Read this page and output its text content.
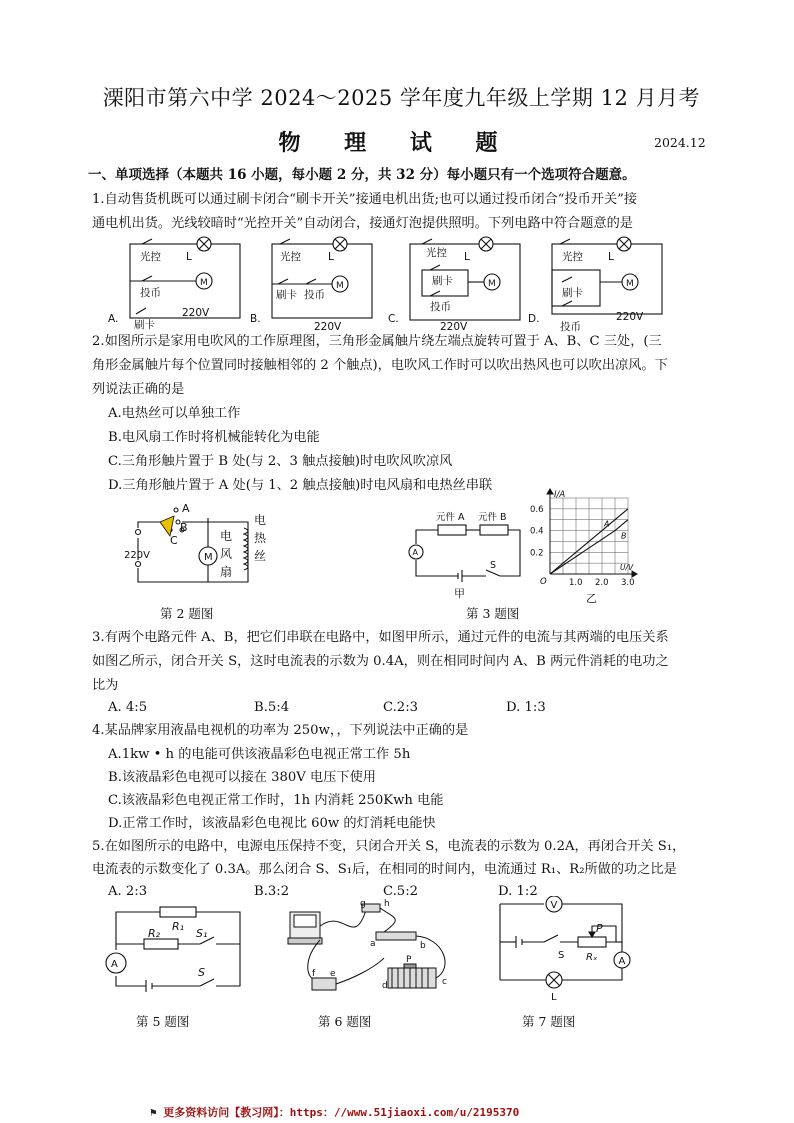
溧阳市第六中学 2024～2025 学年度九年级上学期 12 月月考
物 理 试 题	2024.12
一、单项选择（本题共 16 小题，每小题 2 分，共 32 分）每小题只有一个选项符合题意。
1.自动售货机既可以通过刷卡闭合“刷卡开关”接通电机出货;也可以通过投币闭合“投币开关”接
通电机出货。光线较暗时“光控开关”自动闭合，接通灯泡提供照明。下列电路中符合题意的是
A.
光控
投币
刷卡
L
M
220V	B.
光控
刷卡 投币
L
M
220V
C.
光控
刷卡
投币
L
M
220V
D.
光控
刷卡
投币
L
M
220V
2.如图所示是家用电吹风的工作原理图，三角形金属触片绕左端点旋转可置于 A、B、C 三处，(三
角形金属触片每个位置同时接触相邻的 2 个触点)，电吹风工作时可以吹出热风也可以吹出凉风。下
列说法正确的是
A.电热丝可以单独工作
B.电风扇工作时将机械能转化为电能
C.三角形触片置于 B 处(与 2、3 触点接触)时电吹风吹凉风
D.三角形触片置于 A 处(与 1、2 触点接触)时电风扇和电热丝串联
A
B
C
220V	M
电
风
扇
电
热
丝
第 2 题图
元件 A 元件 B
A
S
甲
A
B
1.0 2.0 3.0
0.2
0.4
0.6
O
I/A
U/V
乙
第 3 题图
3.有两个电路元件 A、B，把它们串联在电路中，如图甲所示，通过元件的电流与其两端的电压关系
如图乙所示，闭合开关 S，这时电流表的示数为 0.4A，则在相同时间内 A、B 两元件消耗的电功之
比为
A. 4:5	B.5:4	C.2:3	D. 1:3
4.某品牌家用液晶电视机的功率为 250w，，下列说法中正确的是
A.1kw • h 的电能可供该液晶彩色电视正常工作 5h
B.该液晶彩色电视可以接在 380V 电压下使用
C.该液晶彩色电视正常工作时，1h 内消耗 250Kwh 电能
D.正常工作时，该液晶彩色电视比 60w 的灯消耗电能快
5.在如图所示的电路中，电源电压保持不变，只闭合开关 S，电流表的示数为 0.2A，再闭合开关 S₁，
电流表的示数变化了 0.3A。那么闭合 S、S₁后，在相同的时间内，电流通过 R₁、R₂所做的功之比是
A. 2:3	B.3:2	C.5:2	D. 1:2
R₁
R₂	S₁
S
A
第 5 题图
g h
a	b
f e
d
P
c
第 6 题图
V
A
P
S Rₓ
L
第 7 题图
⚑ 更多资料访问【教习网】：https：//www.51jiaoxi.com/u/2195370
